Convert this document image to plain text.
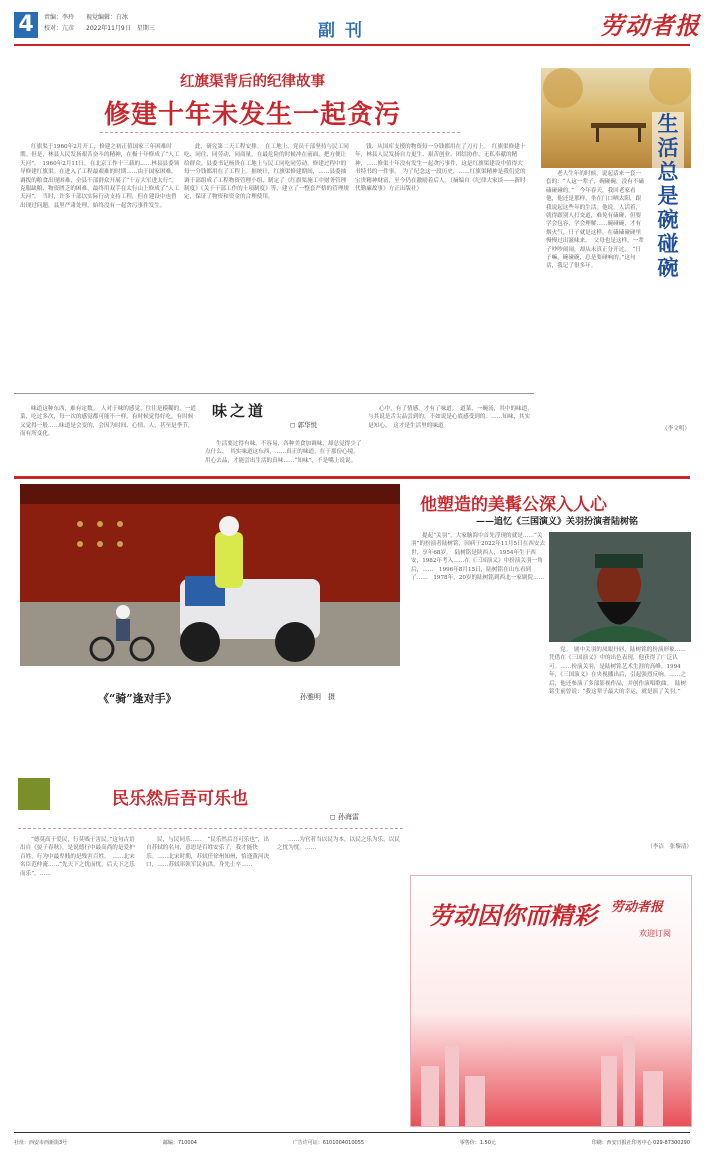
4	责编：李玲　　视觉编辑：白冰
校对：亢彦　　2022年11月9日　星期三	副刊	劳动者报
红旗渠背后的纪律故事
修建十年未发生一起贪污

红旗渠于1960年2月开工，修建之初正值国家三年困难时期。但是，林县人民发扬艰苦奋斗的精神，在极十年修成了“人工天河”。　1960年2月11日，在北京工作十三载的……林县县委领导修建红旗渠。在进入了工程最艰难的时期……由于国家困难，调拨的粮食出现困难，全县干部群众开展了“十万大军进太行”，克服缺粮、物资匮乏的困难，最终用双手在太行山上修成了“人工天河”。　当时，许多干部以实际行动支持工程，但在建设中也曾出现过问题，县里严肃处理，始终没有一起贪污事件发生。

此，研究第二天工程安排。　在工地上，党员干部坚持与民工同吃、同住、同劳动，同商量，在最危险的时候冲在前面，把方便让给群众。县委书记杨贵在工地上与民工同吃同劳动，修建过程中的每一分钱都用在了工程上。据统计，红旗渠修建期间，……县委抽调干部组成了工程物资管理小组，制定了《红旗渠施工中财务管理制度》《关于干部工作的十项制度》等，建立了一整套严格的管理规定，保证了物资和资金的合理使用。

钱、从国库支援的物资每一分钱都用在了刀刃上。　红旗渠修建十年，林县人民发扬自力更生、艰苦创业、团结协作、无私奉献的精神，……修渠十年没有发生一起贪污事件，这是红旗渠建设中值得大书特书的一件事。　为了纪念这一段历史，……红旗渠精神是我们党的宝贵精神财富，至今仍在激励着后人。（摘编自《纪律大家谈——新时代勤廉故事》方正出版社）

生活总是碗碰碗

老人生年的时候，说起话来一套一套的：“人这一辈子，碗碰碗，没有不磕磕碰碰的。”　今年春天，我回老家看他，他还是那样，坐在门口晒太阳，跟我说起这些年的生活。他说，人活着，就得跟别人打交道，难免有磕碰，但要学会包容，学会理解……碗碰碗，才有烟火气。日子就是这样，在磕磕碰碰里慢慢过出滋味来。　父母也是这样，一辈子吵吵闹闹，却从未真正分开过。　“日子嘛，碗碰碗，总是要碰响的。”这句话，我记了很多年。

（李文明）

味道这种东西，难有定数。　人对于味的感觉，往往是模糊的。一道菜，吃过多次，每一次的感觉都可能不一样。有时候觉得好吃，有时候又觉得一般……味道是会变的，会因为时间、心情、人，甚至是季节，而有所变化。

味之道
◻ 郭华悦

生活要过得有味，不容易，各种美食加调味，却总觉得少了点什么。　其实味道这东西，……真正的味道，在于那份心境。用心去品，才能尝出生活的真味……“知味”，不是嘴上说说。

心中，有了情感，才有了味道。　道菜，一碗汤，其中的味道，与其说是舌尖品尝到的，不如说是心底感受到的。……知味，其实是知心。　这才是生活里的味道。

《“骑”逢对手》	孙雅明　摄
他塑造的美髯公深入人心
——追忆《三国演义》关羽扮演者陆树铭

提起“关羽”，大家脑海中首先浮现的就是……“关羽”的扮演者陆树铭，因病于2022年11月5日在西安去世，享年68岁。　陆树铭是陕西人，1954年生于西安，1982年考入……在《三国演义》中扮演关羽一角后，……　1996年8月15日，陆树铭在山东看到了……　1978年，20岁的陆树铭到西北一家剧院……

党。　剧中关羽的凤眼丹唇，陆树铭的扮演形象……　凭借在《三国演义》中的出色表现，他获得了广泛认可。……扮演关羽，是陆树铭艺术生涯的高峰。1994年，《三国演义》在央视播出后，引起强烈反响。……之后，他还参演了多部影视作品，并创作演唱歌曲。　陆树铭生前曾说：“我这辈子最大的幸运，就是演了关羽。”

（李洁　张黎清）
民乐然后吾可乐也
◻ 孙海雷

“德莫高于爱民，行莫贱于害民。”这句古语出自《晏子春秋》，是说德行中最高尚的是爱护百姓，行为中最卑贱的是残害百姓。　……北宋名臣范仲淹……“先天下之忧而忧，后天下之乐而乐”，……

民，与民同乐……　“民乐然后吾可乐也”，出自苏轼的名句，意思是百姓安乐了，我才能快乐。……北宋时期，苏轼任徐州知州，恰逢黄河决口，……苏轼率领军民抗洪，身先士卒……

……为官者当以民为本，以民之乐为乐，以民之忧为忧。……

劳动因你而精彩 劳动者报
欢迎订阅
社址：西安市西新街3号	邮编：710004	广告许可证：6101004010055	零售价：1.50元	印刷：西安日报社印务中心 029-87300290
